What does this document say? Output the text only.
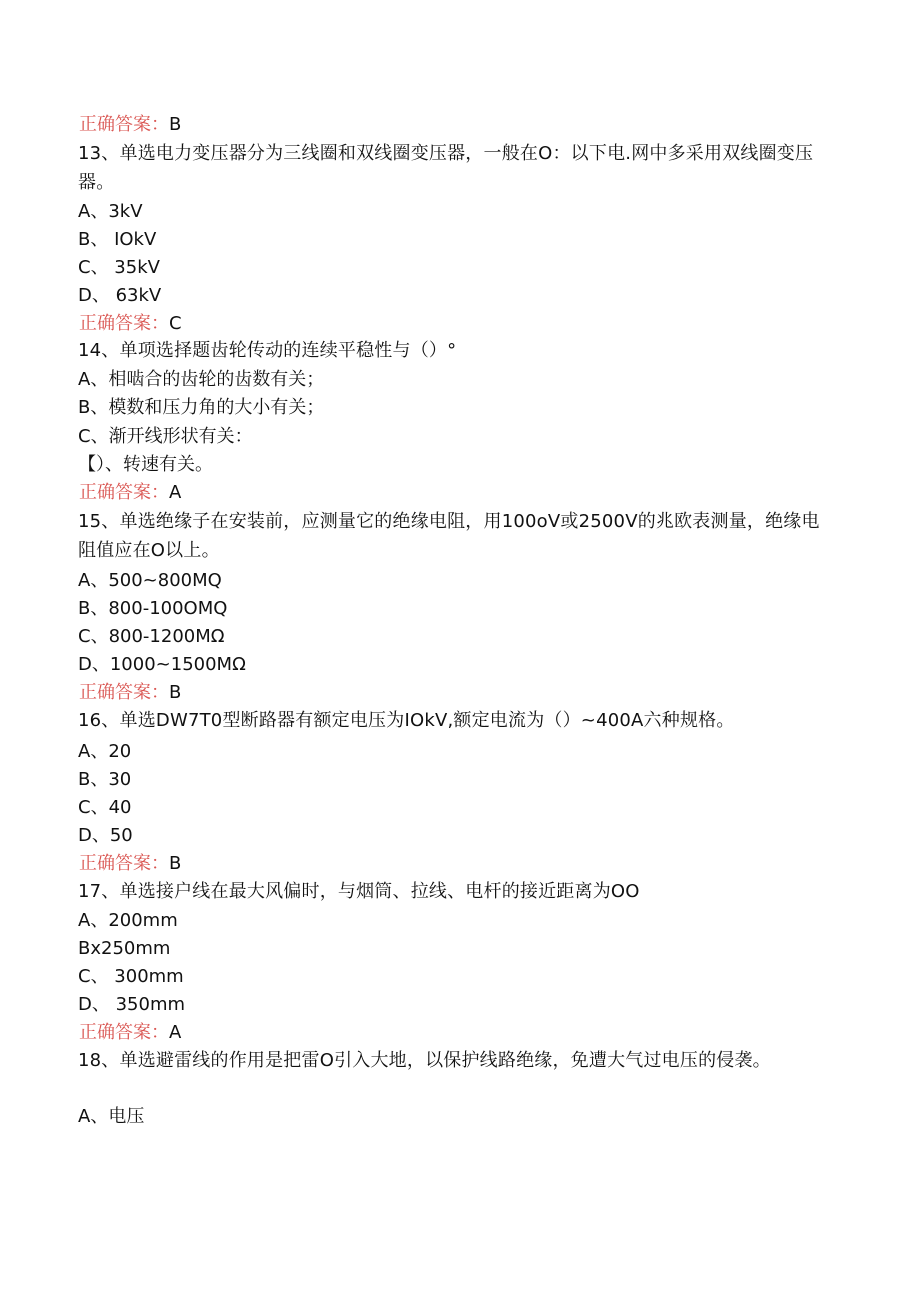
正确答案：B
13、单选电力变压器分为三线圈和双线圈变压器，一般在O：以下电.网中多采用双线圈变压器。
A、3kV
B、 IOkV
C、 35kV
D、 63kV
正确答案：C
14、单项选择题齿轮传动的连续平稳性与（）°
A、相啮合的齿轮的齿数有关；
B、模数和压力角的大小有关；
C、渐开线形状有关：
【）、转速有关。
正确答案：A
15、单选绝缘子在安装前，应测量它的绝缘电阻，用100oV或2500V的兆欧表测量，绝缘电阻值应在O以上。
A、500~800MQ
B、800-100OMQ
C、800-1200MΩ
D、1000~1500MΩ
正确答案：B
16、单选DW7T0型断路器有额定电压为IOkV,额定电流为（）~400A六种规格。
A、20
B、30
C、40
D、50
正确答案：B
17、单选接户线在最大风偏时，与烟筒、拉线、电杆的接近距离为OO
A、200mm
Bx250mm
C、 300mm
D、 350mm
正确答案：A
18、单选避雷线的作用是把雷O引入大地，以保护线路绝缘，免遭大气过电压的侵袭。
A、电压
